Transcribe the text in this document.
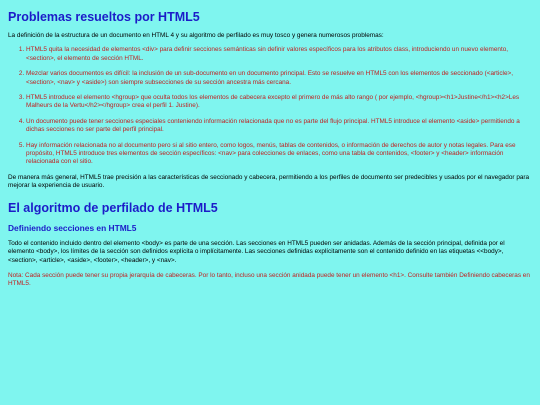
Problemas resueltos por HTML5

La definición de la estructura de un documento en HTML 4 y su algoritmo de perfilado es muy tosco y genera numerosos problemas:

1. HTML5 quita la necesidad de elementos <div> para definir secciones semánticas sin definir valores específicos para los atributos class, introduciendo un nuevo elemento, <section>, el elemento de sección HTML.
2. Mezclar varios documentos es difícil: la inclusión de un sub-documento en un documento principal. Esto se resuelve en HTML5 con los elementos de seccionado (<article>, <section>, <nav> y <aside>) son siempre subsecciones de su sección ancestra más cercana.
3. HTML5 introduce el elemento <hgroup> que oculta todos los elementos de cabecera excepto el primero de más alto rango ( por ejemplo, <hgroup><h1>Justine</h1><h2>Les Malheurs de la Vertu</h2></hgroup> crea el perfil 1. Justine).
4. Un documento puede tener secciones especiales conteniendo información relacionada que no es parte del flujo principal. HTML5 introduce el elemento <aside> permitiendo a dichas secciones no ser parte del perfil principal.
5. Hay información relacionada no al documento pero si al sitio entero, como logos, menús, tablas de contenidos, o información de derechos de autor y notas legales. Para ese propósito, HTML5 introduce tres elementos de sección específicos: <nav> para colecciones de enlaces, como una tabla de contenidos, <footer> y <header> información relacionada con el sitio.

De manera más general, HTML5 trae precisión a las características de seccionado y cabecera, permitiendo a los perfiles de documento ser predecibles y usados por el navegador para mejorar la experiencia de usuario.

El algoritmo de perfilado de HTML5
Definiendo secciones en HTML5

Todo el contenido incluido dentro del elemento <body> es parte de una sección. Las secciones en HTML5 pueden ser anidadas. Además de la sección principal, definida por el elemento <body>, los límites de la sección son definidos explícita o implícitamente. Las secciones definidas explícitamente son el contenido definido en las etiquetas <<body>, <section>, <article>, <aside>, <footer>, <header>, y <nav>.

Nota: Cada sección puede tener su propia jerarquía de cabeceras. Por lo tanto, incluso una sección anidada puede tener un elemento <h1>. Consulte también Definiendo cabeceras en HTML5.
